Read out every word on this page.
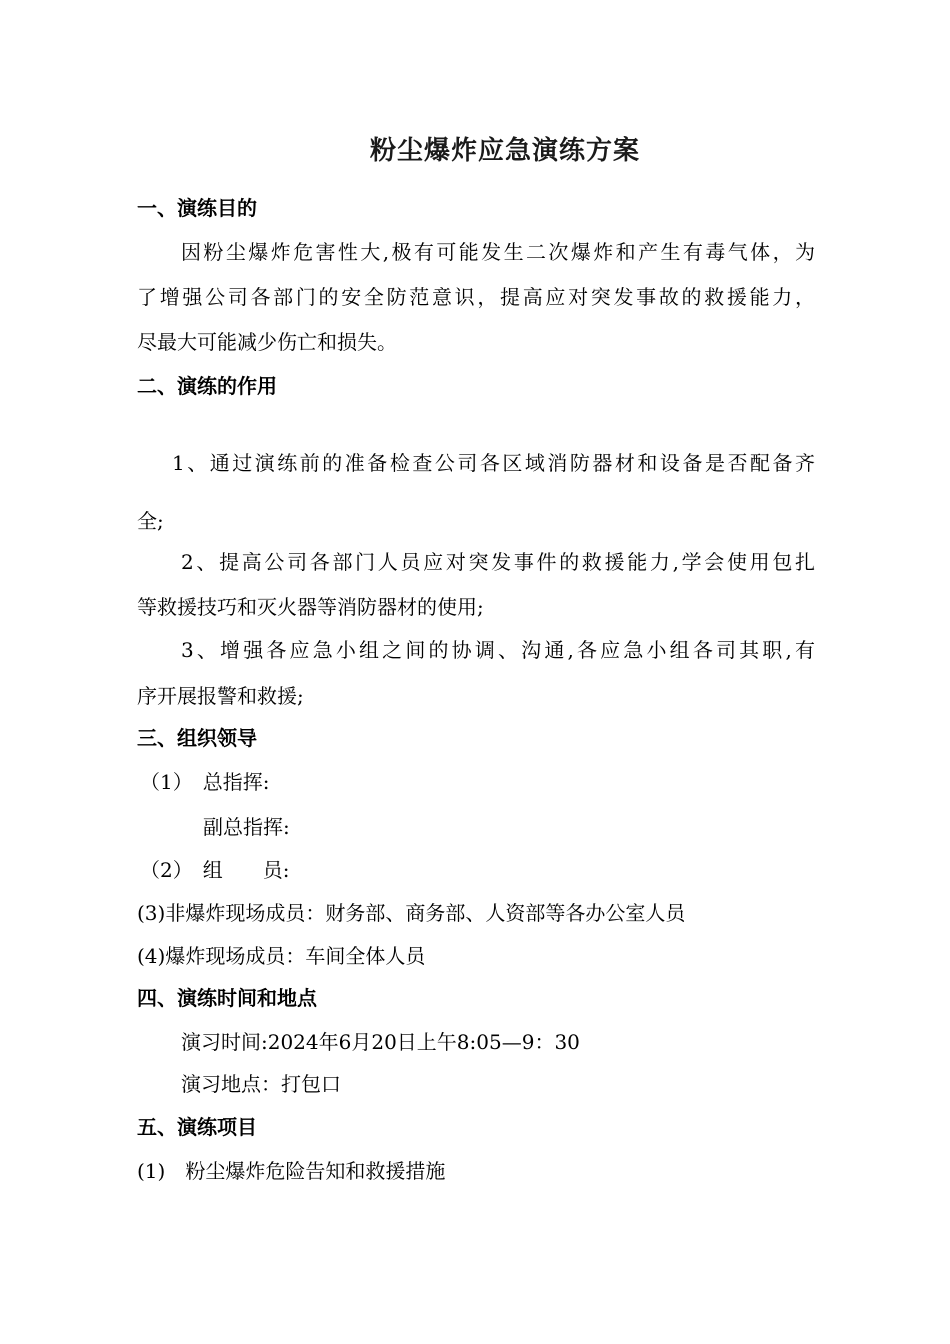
粉尘爆炸应急演练方案
一、演练目的
因粉尘爆炸危害性大,极有可能发生二次爆炸和产生有毒气体，为
了增强公司各部门的安全防范意识，提高应对突发事故的救援能力，
尽最大可能减少伤亡和损失。
二、演练的作用
1、通过演练前的准备检查公司各区域消防器材和设备是否配备齐
全;
2、提高公司各部门人员应对突发事件的救援能力,学会使用包扎
等救援技巧和灭火器等消防器材的使用;
3、增强各应急小组之间的协调、沟通,各应急小组各司其职,有
序开展报警和救援;
三、组织领导
（1）　总指挥:
副总指挥:
（2）　组　　员:
(3)非爆炸现场成员：财务部、商务部、人资部等各办公室人员
(4)爆炸现场成员：车间全体人员
四、演练时间和地点
演习时间:2024年6月20日上午8:05—9：30
演习地点：打包口
五、演练项目
(1)　粉尘爆炸危险告知和救援措施
